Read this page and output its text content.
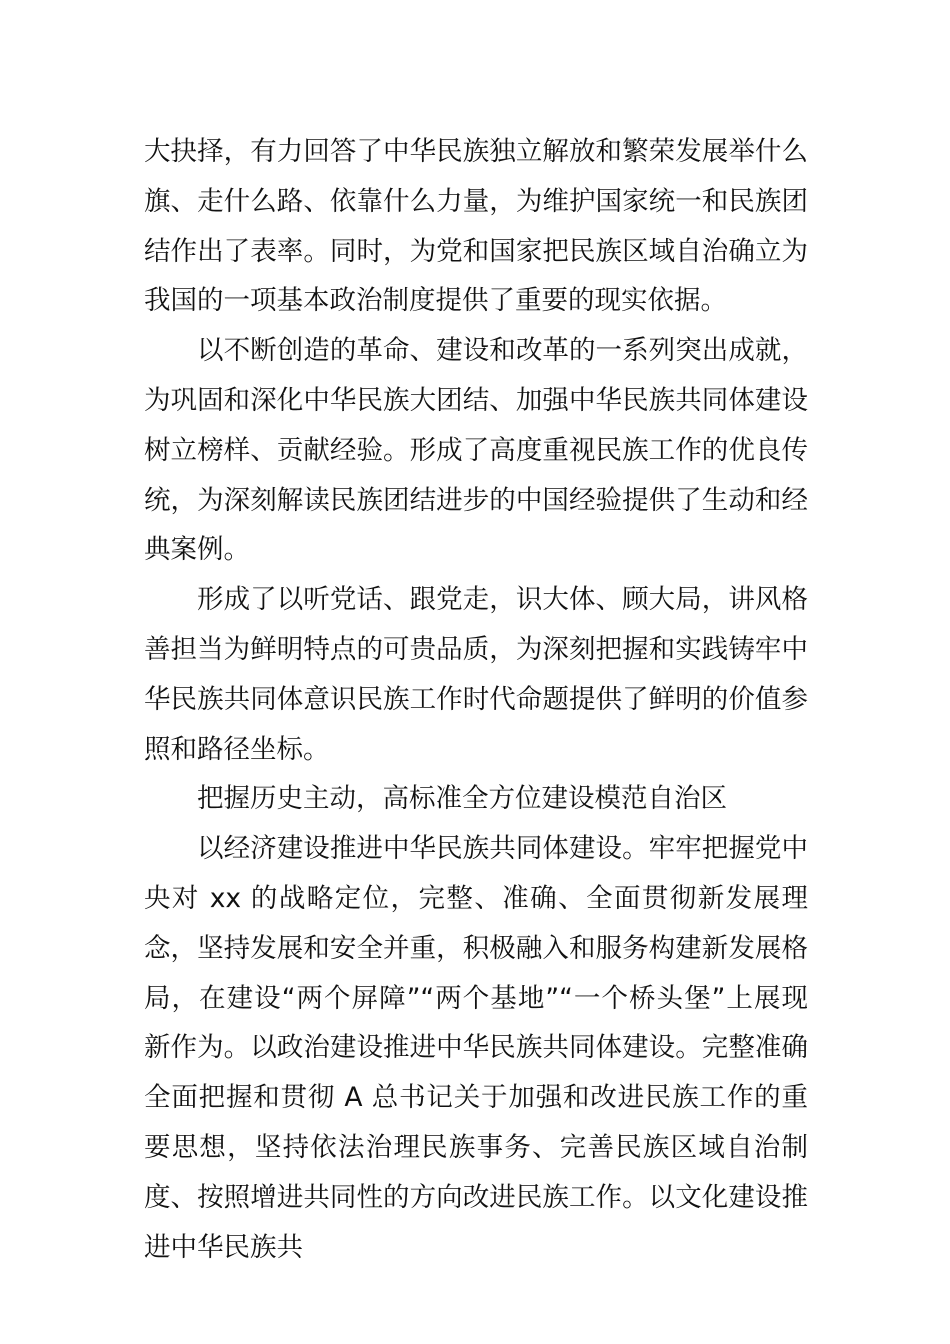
大抉择，有力回答了中华民族独立解放和繁荣发展举什么旗、走什么路、依靠什么力量，为维护国家统一和民族团结作出了表率。同时，为党和国家把民族区域自治确立为我国的一项基本政治制度提供了重要的现实依据。

以不断创造的革命、建设和改革的一系列突出成就，为巩固和深化中华民族大团结、加强中华民族共同体建设树立榜样、贡献经验。形成了高度重视民族工作的优良传统，为深刻解读民族团结进步的中国经验提供了生动和经典案例。

形成了以听党话、跟党走，识大体、顾大局，讲风格善担当为鲜明特点的可贵品质，为深刻把握和实践铸牢中华民族共同体意识民族工作时代命题提供了鲜明的价值参照和路径坐标。

把握历史主动，高标准全方位建设模范自治区

以经济建设推进中华民族共同体建设。牢牢把握党中央对 xx 的战略定位，完整、准确、全面贯彻新发展理念，坚持发展和安全并重，积极融入和服务构建新发展格局，在建设“两个屏障”“两个基地”“一个桥头堡”上展现新作为。以政治建设推进中华民族共同体建设。完整准确全面把握和贯彻 A 总书记关于加强和改进民族工作的重要思想，坚持依法治理民族事务、完善民族区域自治制度、按照增进共同性的方向改进民族工作。以文化建设推进中华民族共
